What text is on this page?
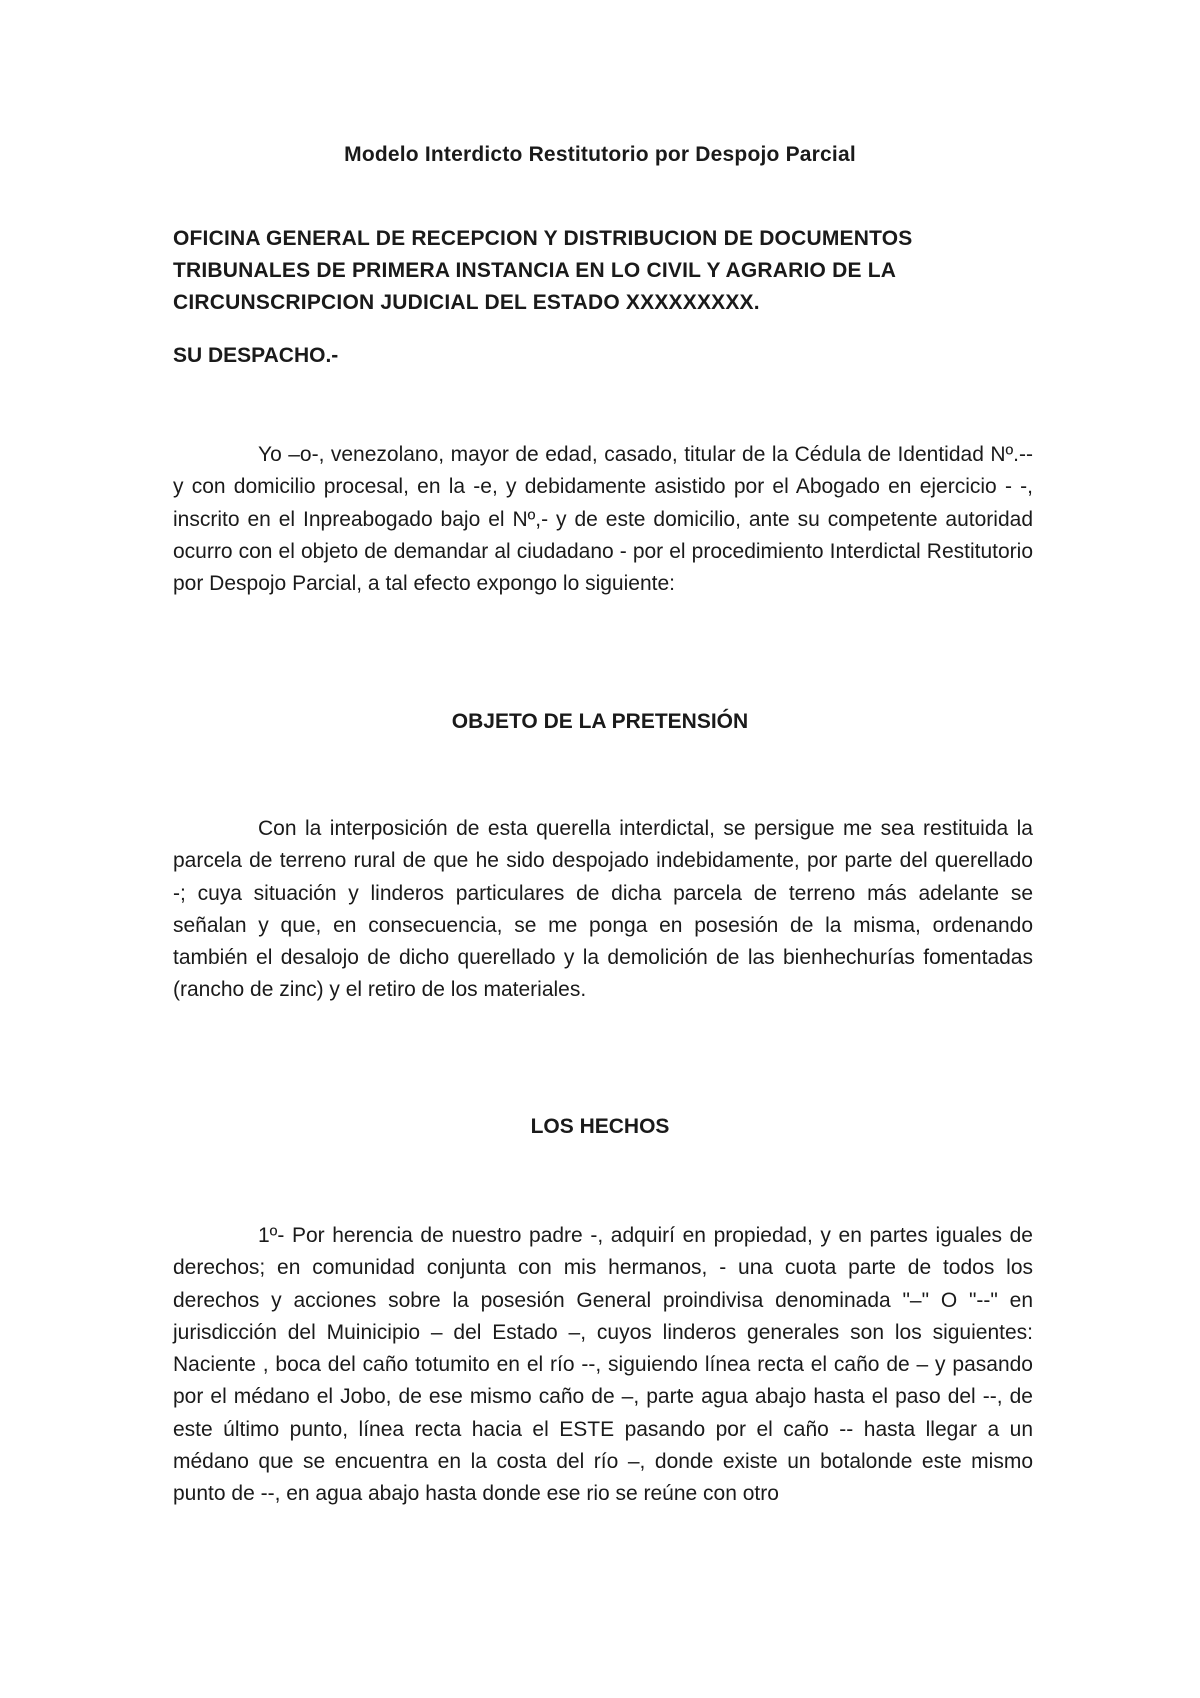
Modelo Interdicto Restitutorio por Despojo Parcial

OFICINA GENERAL DE RECEPCION Y DISTRIBUCION DE DOCUMENTOS TRIBUNALES DE PRIMERA INSTANCIA EN LO CIVIL Y AGRARIO DE LA CIRCUNSCRIPCION JUDICIAL DEL ESTADO XXXXXXXXX.

SU DESPACHO.-

Yo –o-, venezolano, mayor de edad, casado, titular de la Cédula de Identidad Nº.-- y con domicilio procesal, en la -e, y debidamente asistido por el Abogado en ejercicio - -, inscrito en el Inpreabogado bajo el Nº,- y de este domicilio, ante su competente autoridad ocurro con el objeto de demandar al ciudadano - por el procedimiento Interdictal Restitutorio por Despojo Parcial, a tal efecto expongo lo siguiente:

OBJETO DE LA PRETENSIÓN

Con la interposición de esta querella interdictal, se persigue me sea restituida la parcela de terreno rural de que he sido despojado indebidamente, por parte del querellado -; cuya situación y linderos particulares de dicha parcela de terreno más adelante se señalan y que, en consecuencia, se me ponga en posesión de la misma, ordenando también el desalojo de dicho querellado y la demolición de las bienhechurías fomentadas (rancho de zinc) y el retiro de los materiales.

LOS HECHOS

1º- Por herencia de nuestro padre -, adquirí en propiedad, y en partes iguales de derechos; en comunidad conjunta con mis hermanos, - una cuota parte de todos los derechos y acciones sobre la posesión General proindivisa denominada "–" O "--" en jurisdicción del Muinicipio – del Estado –, cuyos linderos generales son los siguientes: Naciente , boca del caño totumito en el río --, siguiendo línea recta el caño de – y pasando por el médano el Jobo, de ese mismo caño de –, parte agua abajo hasta el paso del --, de este último punto, línea recta hacia el ESTE pasando por el caño -- hasta llegar a un médano que se encuentra en la costa del río –, donde existe un botalonde este mismo punto de --, en agua abajo hasta donde ese rio se reúne con otro
